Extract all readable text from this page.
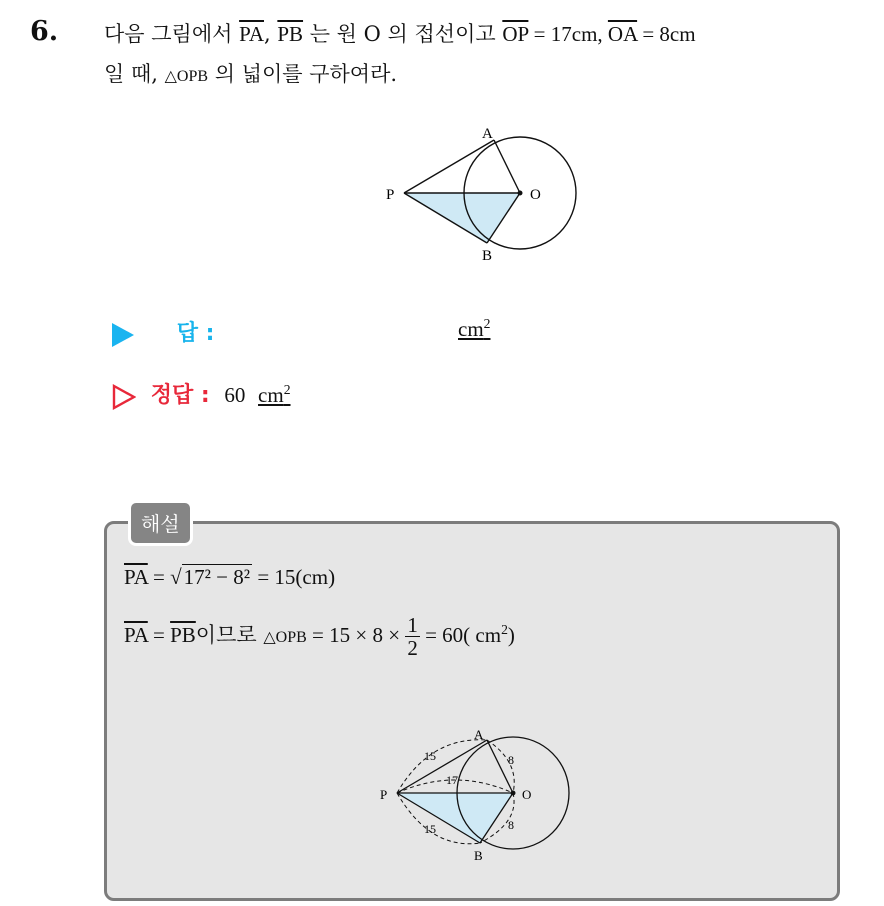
6. 다음 그림에서 $\overline{PA}$, $\overline{PB}$ 는 원 O 의 접선이고 $\overline{OP} = 17cm$, $\overline{OA} = 8cm$
일 때, △OPB 의 넓이를 구하여라.
A
B
P	O
답 :	$cm^2$
정답 : 60 $cm^2$
해설
$\overline{PA} = √17^2 - 8^2 = 15(cm)$
$\overline{PA} = \overline{PB}$이므로 △OPB = $15 \times 8 \times \frac{1}{2} = 60$( $cm^2$)
A
B
P	O
15
15
17
8
8
